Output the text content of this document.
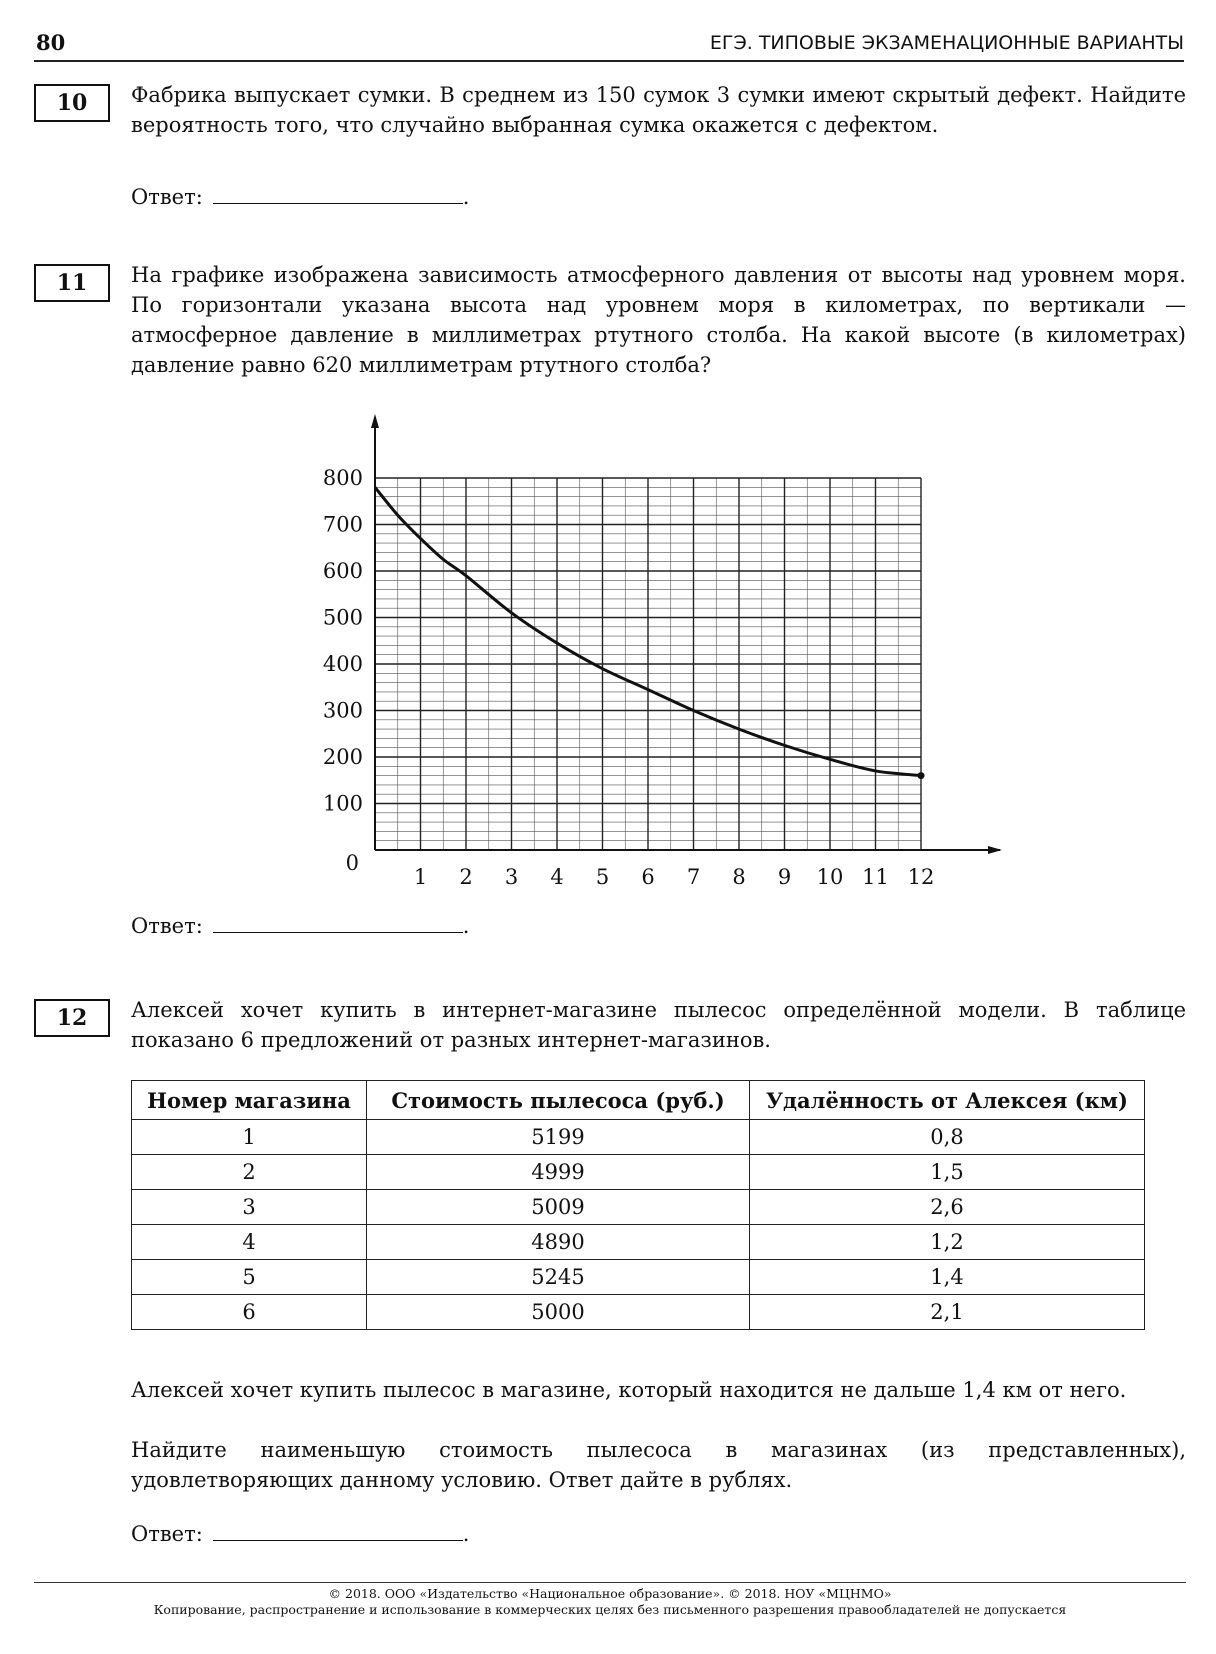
80	ЕГЭ. ТИПОВЫЕ ЭКЗАМЕНАЦИОННЫЕ ВАРИАНТЫ
10	Фабрика выпускает сумки. В среднем из 150 сумок 3 сумки имеют скрытый дефект. Найдите вероятность того, что случайно выбранная сумка окажется с дефектом.

Ответ:	.
11	На графике изображена зависимость атмосферного давления от высоты над уровнем моря. По горизонтали указана высота над уровнем моря в километрах, по вертикали — атмосферное давление в миллиметрах ртутного столба. На какой высоте (в километрах) давление равно 620 миллиметрам ртутного столба?

100
200
300
400
500
600
700
800
0
1 2 3 4 5 6 7 8 9 10 11 12
Ответ:	.
12	Алексей хочет купить в интернет-магазине пылесос определённой модели. В таблице показано 6 предложений от разных интернет-магазинов.

Номер магазина	Стоимость пылесоса (руб.)	Удалённость от Алексея (км)
1	5199	0,8
2	4999	1,5
3	5009	2,6
4	4890	1,2
5	5245	1,4
6	5000	2,1

Алексей хочет купить пылесос в магазине, который находится не дальше 1,4 км от него.

Найдите наименьшую стоимость пылесоса в магазинах (из представленных), удовлетворяющих данному условию. Ответ дайте в рублях.

Ответ:	.
© 2018. ООО «Издательство «Национальное образование». © 2018. НОУ «МЦНМО»
Копирование, распространение и использование в коммерческих целях без письменного разрешения правообладателей не допускается
